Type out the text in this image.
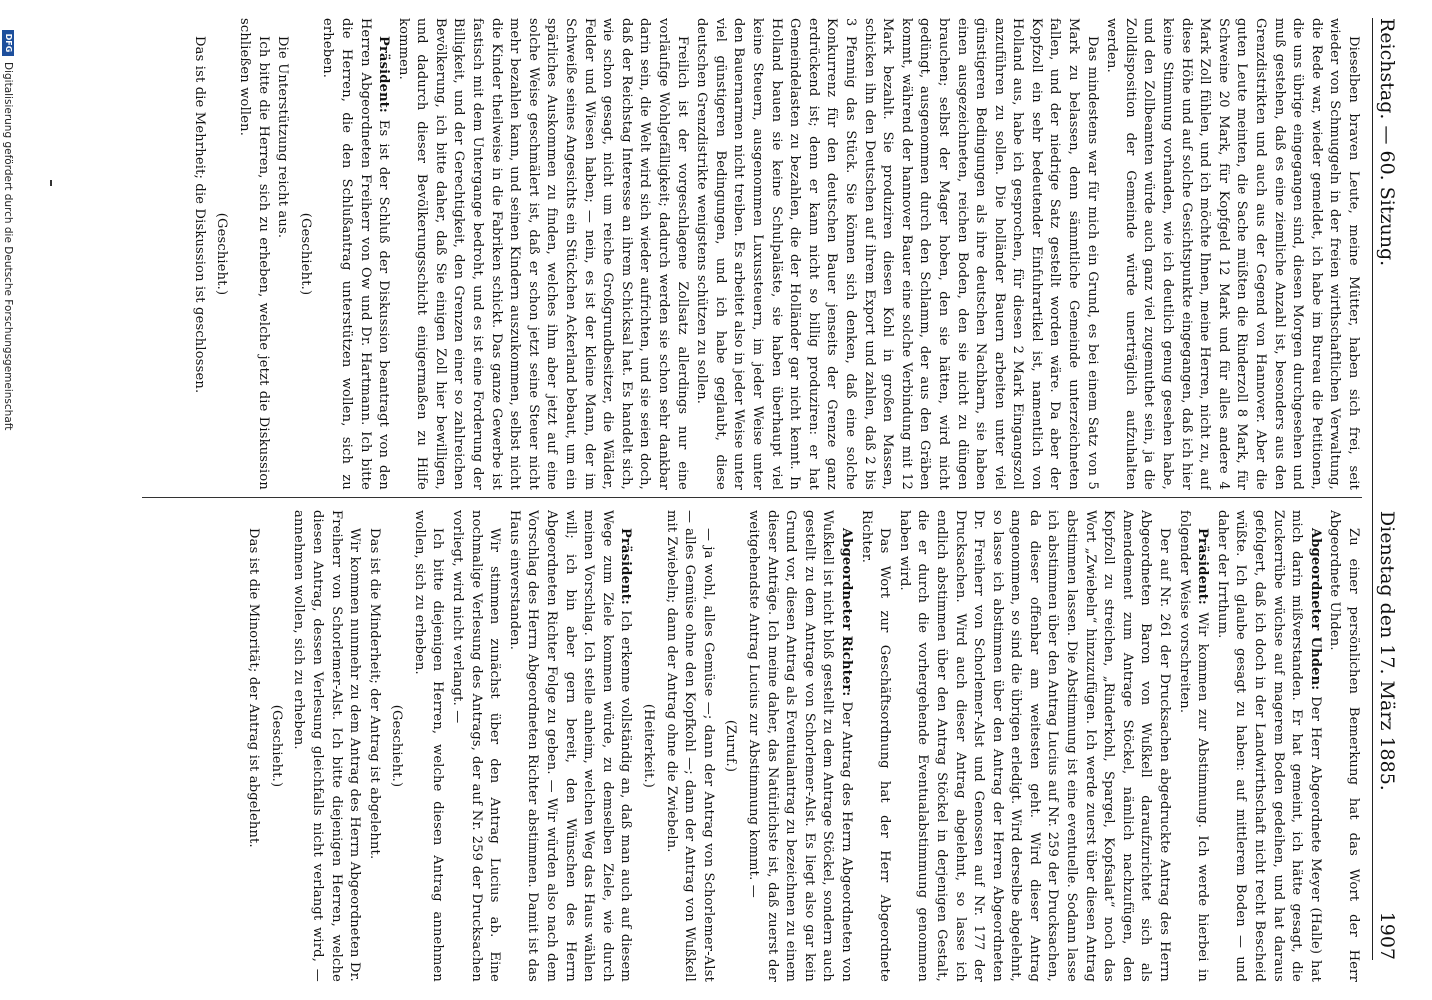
Reichstag. — 60. Sitzung.
Dienstag den 17. März 1885.                    1907

Dieselben braven Leute, meine Mütter, haben sich frei, seit wieder von Schmuggeln in der freien wirthschaftlichen Verwaltung, die Rede war, wieder gemeldet, ich habe im Bureau die Petitionen, die uns übrige eingegangen sind, diesen Morgen durchgesehen und muß gestehen, daß es eine ziemliche Anzahl ist, besonders aus den Grenzdistrikten und auch aus der Gegend von Hannover. Aber die guten Leute meinten, die Sache müßten die Rinderzoll 8 Mark, für Schweine 20 Mark, für Kopfgeld 12 Mark und für alles andere 4 Mark Zoll fühlen, und ich möchte Ihnen, meine Herren, nicht zu, auf diese Höhe und auf solche Gesichtspunkte eingegangen, daß ich hier keine Stimmung vorhanden, wie ich deutlich genug gesehen habe, und den Zollbeamten würde auch ganz viel zugemuthet sein, ja die Zolldisposition der Gemeinde würde unerträglich aufzuhalten werden.

Das mindestens war für mich ein Grund, es bei einem Satz von 5 Mark zu belassen, denn sämmtliche Gemeinde unterzeichneten fallen, und der niedrige Satz gestellt worden wäre. Da aber der Kopfzoll ein sehr bedeutender Einfuhrartikel ist, namentlich von Holland aus, habe ich gesprochen, für diesen 2 Mark Eingangszoll anzuführen zu sollen. Die holländer Bauern arbeiten unter viel günstigeren Bedingungen als ihre deutschen Nachbarn, sie haben einen ausgezeichneten, reichen Boden, den sie nicht zu düngen brauchen; selbst der Mager hoben, den sie hätten, wird nicht gedüngt, ausgenommen durch den Schlamm, der aus den Gräben kommt, während der hannover Bauer eine solche Verbindung mit 12 Mark bezahlt. Sie produziren diesen Kohl in großen Massen, schicken ihn den Deutschen auf ihrem Export und zahlen, daß 2 bis 3 Pfennig das Stück. Sie können sich denken, daß eine solche Konkurrenz für den deutschen Bauer jenseits der Grenze ganz erdrückend ist; denn er kann nicht so billig produziren: er hat Gemeindelasten zu bezahlen, die der Holländer gar nicht kennt. In Holland bauen sie keine Schulpaläste, sie haben überhaupt viel keine Steuern, ausgenommen Luxussteuern, im jeder Weise unter den Bauernarmen nicht treiben. Es arbeitet also in jeder Weise unter viel günstigeren Bedingungen, und ich habe geglaubt, diese deutschen Grenzdistrikte wenigstens schützen zu sollen.

Freilich ist der vorgeschlagene Zollsatz allerdings nur eine vorläufige Wohlgefälligkeit; dadurch werden sie schon sehr dankbar darin sein, die Welt wird sich wieder aufrichten, und sie seien doch, daß der Reichstag Interesse an ihrem Schicksal hat. Es handelt sich, wie schon gesagt, nicht um reiche Großgrundbesitzer, die Wälder, Felder und Wiesen haben; — nein, es ist der kleine Mann, der im Schweiße seines Angesichts ein Stückchen Ackerland bebaut, um ein spärliches Auskommen zu finden, welches ihm aber jetzt auf eine solche Weise geschmälert ist, daß er schon jetzt seine Steuer nicht mehr bezahlen kann, und seinen Kindern auszukommen, selbst nicht die Kinder theilweise in die Fabriken schickt. Das ganze Gewerbe ist fastisch mit dem Untergange bedroht, und es ist eine Forderung der Billigkeit, und der Gerechtigkeit, den Grenzen einer so zahlreichen Bevölkerung, ich bitte daher, daß Sie einigen Zoll hier bewilligen, und dadurch dieser Bevölkerungsschicht einigermaßen zu Hilfe kommen.

Präsident: Es ist der Schluß der Diskussion beantragt von den Herren Abgeordneten Freiherr von Ow und Dr. Hartmann. Ich bitte die Herren, die den Schlußantrag unterstützen wollen, sich zu erheben.

(Geschieht.)

Die Unterstützung reicht aus.

Ich bitte die Herren, sich zu erheben, welche jetzt die Diskussion schließen wollen.

(Geschieht.)

Das ist die Mehrheit; die Diskussion ist geschlossen.

Zu einer persönlichen Bemerkung hat das Wort der Herr Abgeordnete Uhden.

Abgeordneter Uhden: Der Herr Abgeordnete Meyer (Halle) hat mich darin mißverstanden. Er hat gemeint, ich hätte gesagt, die Zuckerrübe wüchse auf magerem Boden gedeihen, und hat daraus gefolgert, daß ich doch in der Landwirthschaft nicht recht Bescheid wüßte. Ich glaube gesagt zu haben: auf mittlerem Boden — und daher der Irrthum.

Präsident: Wir kommen zur Abstimmung. Ich werde hierbei in folgender Weise vorschreiten.

Der auf Nr. 261 der Drucksachen abgedruckte Antrag des Herrn Abgeordneten Baron von Wußkell daraufzurichtet sich als Amendement zum Antrage Stöckel, nämlich nachzufügen, den Kopfzoll zu streichen, „Rinderkohl, Spargel, Kopfsalat“ noch das Wort „Zwiebeln“ hinzuzufügen. Ich werde zuerst über diesen Antrag abstimmen lassen. Die Abstimmung ist eine eventuelle. Sodann lasse ich abstimmen über den Antrag Lucius auf Nr. 259 der Drucksachen, da dieser offenbar am weitesten geht. Wird dieser Antrag angenommen, so sind die übrigen erledigt. Wird derselbe abgelehnt, so lasse ich abstimmen über den Antrag der Herren Abgeordneten Dr. Freiherr von Schorlemer-Alst und Genossen auf Nr. 177 der Drucksachen. Wird auch dieser Antrag abgelehnt, so lasse ich endlich abstimmen über den Antrag Stöckel in derjenigen Gestalt, die er durch die vorhergehende Eventualabstimmung genommen haben wird.

Das Wort zur Geschäftsordnung hat der Herr Abgeordnete Richter.

Abgeordneter Richter: Der Antrag des Herrn Abgeordneten von Wußkell ist nicht bloß gestellt zu dem Antrage Stöckel, sondern auch gestellt zu dem Antrage von Schorlemer-Alst. Es liegt also gar kein Grund vor, diesen Antrag als Eventualantrag zu bezeichnen zu einem dieser Anträge. Ich meine daher, das Natürlichste ist, daß zuerst der weitgehendste Antrag Lucius zur Abstimmung kommt. —

(Zuruf.)

— ja wohl, alles Gemüse —; dann der Antrag von Schorlemer-Alst — alles Gemüse ohne den Kopfkohl —; dann der Antrag von Wußkell mit Zwiebeln; dann der Antrag ohne die Zwiebeln.

(Heiterkeit.)

Präsident: Ich erkenne vollständig an, daß man auch auf diesem Wege zum Ziele kommen würde, zu demselben Ziele, wie durch meinen Vorschlag. Ich stelle anheim, welchen Weg das Haus wählen will; ich bin aber gern bereit, den Wünschen des Herrn Abgeordneten Richter Folge zu geben. — Wir würden also nach dem Vorschlag des Herrn Abgeordneten Richter abstimmen. Damit ist das Haus einverstanden.

Wir stimmen zunächst über den Antrag Lucius ab. Eine nochmalige Verlesung des Antrags, der auf Nr. 259 der Drucksachen vorliegt, wird nicht verlangt. —

Ich bitte diejenigen Herren, welche diesen Antrag annehmen wollen, sich zu erheben.

(Geschieht.)

Das ist die Minderheit; der Antrag ist abgelehnt.

Wir kommen nunmehr zu dem Antrag des Herrn Abgeordneten Dr. Freiherr von Schorlemer-Alst. Ich bitte diejenigen Herren, welche diesen Antrag, dessen Verlesung gleichfalls nicht verlangt wird, — annehmen wollen, sich zu erheben.

(Geschieht.)

Das ist die Minorität; der Antrag ist abgelehnt.

DFG
Digitalisierung gefördert durch die Deutsche Forschungsgemeinschaft
